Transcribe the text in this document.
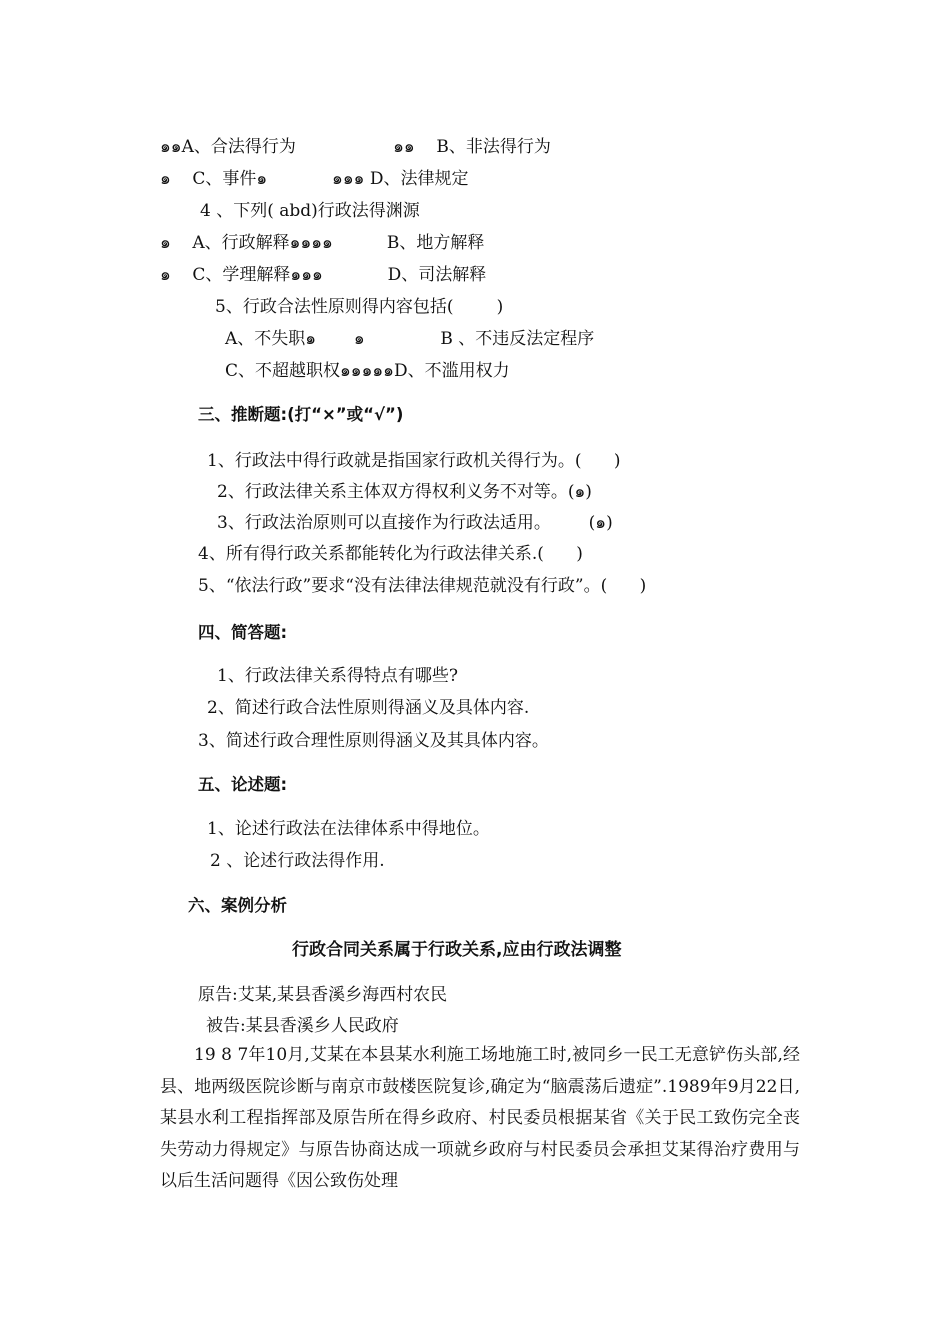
๑๑A、合法得行为                  ๑๑    B、非法得行为
๑    C、事件๑            ๑๑๑ D、法律规定
4 、下列( abd)行政法得渊源
๑    A、行政解释๑๑๑๑          B、地方解释
๑    C、学理解释๑๑๑            D、司法解释
5、行政合法性原则得内容包括(        )
A、不失职๑       ๑              B 、不违反法定程序
C、不超越职权๑๑๑๑๑D、不滥用权力
三、推断题:(打“×”或“√”)
1、行政法中得行政就是指国家行政机关得行为。(      )
2、行政法律关系主体双方得权利义务不对等。(๑)
3、行政法治原则可以直接作为行政法适用。       (๑)
4、所有得行政关系都能转化为行政法律关系.(      )
5、“依法行政”要求“没有法律法律规范就没有行政”。(      )
四、简答题:
1、行政法律关系得特点有哪些?
2、简述行政合法性原则得涵义及具体内容.
3、简述行政合理性原则得涵义及其具体内容。
五、论述题:
1、论述行政法在法律体系中得地位。
2 、论述行政法得作用.
六、案例分析
行政合同关系属于行政关系,应由行政法调整
原告:艾某,某县香溪乡海西村农民
被告:某县香溪乡人民政府

19 8 7年10月,艾某在本县某水利施工场地施工时,被同乡一民工无意铲伤头部,经县、地两级医院诊断与南京市鼓楼医院复诊,确定为“脑震荡后遗症”.1989年9月22日,某县水利工程指挥部及原告所在得乡政府、村民委员根据某省《关于民工致伤完全丧失劳动力得规定》与原告协商达成一项就乡政府与村民委员会承担艾某得治疗费用与以后生活问题得《因公致伤处理
